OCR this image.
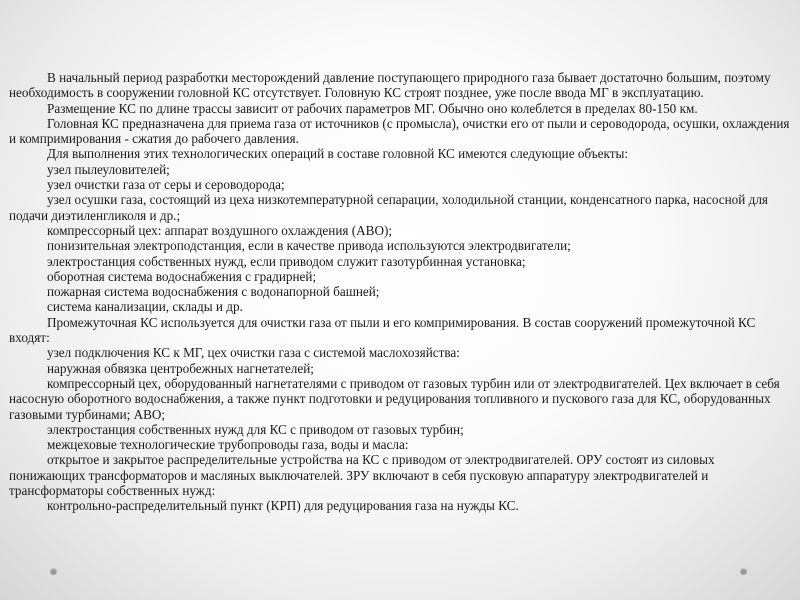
В начальный период разработки месторождений давление поступающего природного газа бывает достаточно большим, поэтому необходимость в сооружении головной КС отсутствует. Головную КС строят позднее, уже после ввода МГ в эксплуатацию.

Размещение КС по длине трассы зависит от рабочих параметров МГ. Обычно оно колеблется в пределах 80-150 км.

Головная КС предназначена для приема газа от источников (с промысла), очистки его от пыли и сероводорода, осушки, охлаждения и компримирования - сжатия до рабочего давления.

Для выполнения этих технологических операций в составе головной КС имеются следующие объекты:

узел пылеуловителей;

узел очистки газа от серы и сероводорода;

узел осушки газа, состоящий из цеха низкотемпературной сепарации, холодильной станции, конденсатного парка, насосной для подачи диэтиленгликоля и др.;

компрессорный цех: аппарат воздушного охлаждения (АВО);

понизительная электроподстанция, если в качестве привода используются электродвигатели;

электростанция собственных нужд, если приводом служит газотурбинная установка;

оборотная система водоснабжения с градирней;

пожарная система водоснабжения с водонапорной башней;

система канализации, склады и др.

Промежуточная КС используется для очистки газа от пыли и его компримирования. В состав сооружений промежуточной КС входят:

узел подключения КС к МГ, цех очистки газа с системой маслохозяйства:

наружная обвязка центробежных нагнетателей;

компрессорный цех, оборудованный нагнетателями с приводом от газовых турбин или от электродвигателей. Цех включает в себя насосную оборотного водоснабжения, а также пункт подготовки и редуцирования топливного и пускового газа для КС, оборудованных газовыми турбинами; АВО;

электростанция собственных нужд для КС с приводом от газовых турбин;

межцеховые технологические трубопроводы газа, воды и масла:

открытое и закрытое распределительные устройства на КС с приводом от электродвигателей. ОРУ состоят из силовых понижающих трансформаторов и масляных выключателей. ЗРУ включают в себя пусковую аппаратуру электродвигателей и трансформаторы собственных нужд:

контрольно-распределительный пункт (КРП) для редуцирования газа на нужды КС.
